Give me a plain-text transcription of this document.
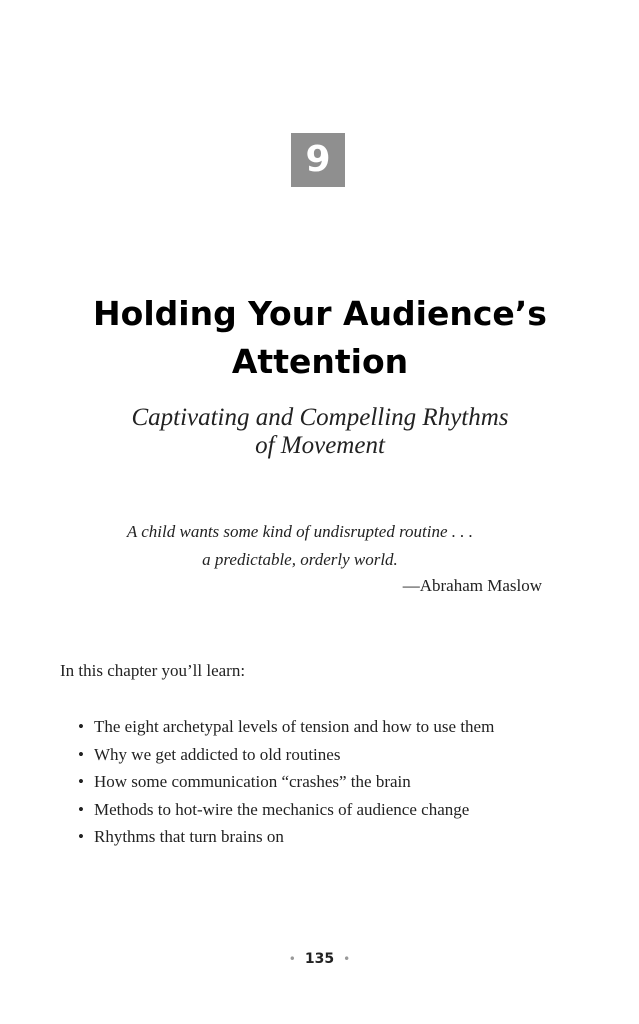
9
Holding Your Audience’s
Attention
Captivating and Compelling Rhythms
of Movement
A child wants some kind of undisrupted routine . . .
a predictable, orderly world.
—Abraham Maslow
In this chapter you’ll learn:
• The eight archetypal levels of tension and how to use them
• Why we get addicted to old routines
• How some communication “crashes” the brain
• Methods to hot-wire the mechanics of audience change
• Rhythms that turn brains on
• 135 •
